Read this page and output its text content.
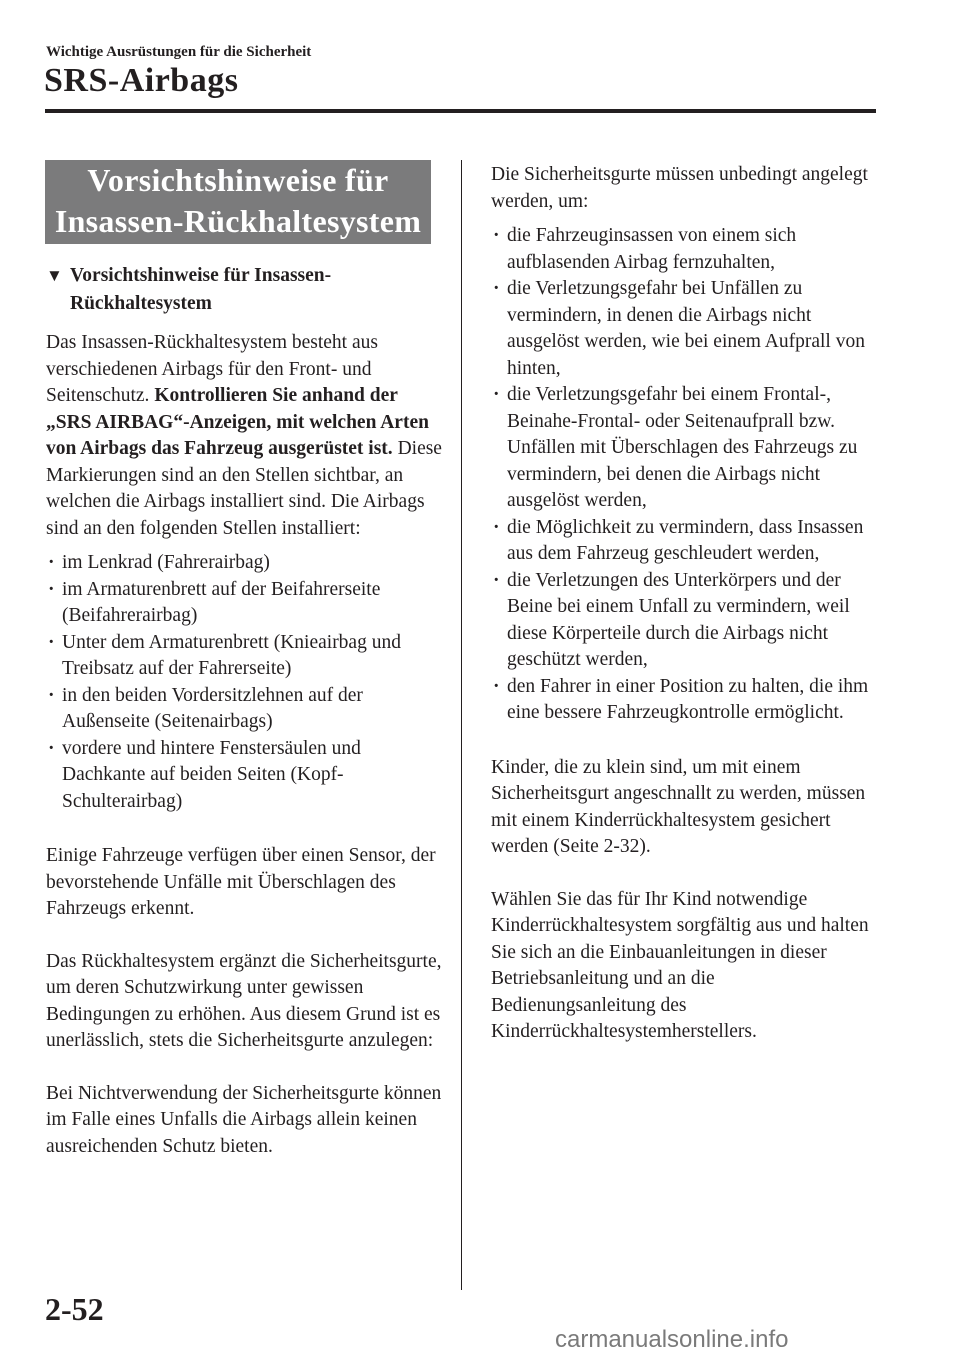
Wichtige Ausrüstungen für die Sicherheit
SRS-Airbags
Vorsichtshinweise für
Insassen-Rückhaltesystem
▼ Vorsichtshinweise für Insassen-Rückhaltesystem

Das Insassen-Rückhaltesystem besteht aus verschiedenen Airbags für den Front- und Seitenschutz. Kontrollieren Sie anhand der „SRS AIRBAG“-Anzeigen, mit welchen Arten von Airbags das Fahrzeug ausgerüstet ist. Diese Markierungen sind an den Stellen sichtbar, an welchen die Airbags installiert sind. Die Airbags sind an den folgenden Stellen installiert:

· im Lenkrad (Fahrerairbag)
· im Armaturenbrett auf der Beifahrerseite (Beifahrerairbag)
· Unter dem Armaturenbrett (Knieairbag und Treibsatz auf der Fahrerseite)
· in den beiden Vordersitzlehnen auf der Außenseite (Seitenairbags)
· vordere und hintere Fenstersäulen und Dachkante auf beiden Seiten (Kopf-Schulterairbag)

Einige Fahrzeuge verfügen über einen Sensor, der bevorstehende Unfälle mit Überschlagen des Fahrzeugs erkennt.

Das Rückhaltesystem ergänzt die Sicherheitsgurte, um deren Schutzwirkung unter gewissen Bedingungen zu erhöhen. Aus diesem Grund ist es unerlässlich, stets die Sicherheitsgurte anzulegen:

Bei Nichtverwendung der Sicherheitsgurte können im Falle eines Unfalls die Airbags allein keinen ausreichenden Schutz bieten.

Die Sicherheitsgurte müssen unbedingt angelegt werden, um:

· die Fahrzeuginsassen von einem sich aufblasenden Airbag fernzuhalten,
· die Verletzungsgefahr bei Unfällen zu vermindern, in denen die Airbags nicht ausgelöst werden, wie bei einem Aufprall von hinten,
· die Verletzungsgefahr bei einem Frontal-, Beinahe-Frontal- oder Seitenaufprall bzw. Unfällen mit Überschlagen des Fahrzeugs zu vermindern, bei denen die Airbags nicht ausgelöst werden,
· die Möglichkeit zu vermindern, dass Insassen aus dem Fahrzeug geschleudert werden,
· die Verletzungen des Unterkörpers und der Beine bei einem Unfall zu vermindern, weil diese Körperteile durch die Airbags nicht geschützt werden,
· den Fahrer in einer Position zu halten, die ihm eine bessere Fahrzeugkontrolle ermöglicht.

Kinder, die zu klein sind, um mit einem Sicherheitsgurt angeschnallt zu werden, müssen mit einem Kinderrückhaltesystem gesichert werden (Seite 2-32).

Wählen Sie das für Ihr Kind notwendige Kinderrückhaltesystem sorgfältig aus und halten Sie sich an die Einbauanleitungen in dieser Betriebsanleitung und an die Bedienungsanleitung des Kinderrückhaltesystemherstellers.

2-52
carmanualsonline.info
